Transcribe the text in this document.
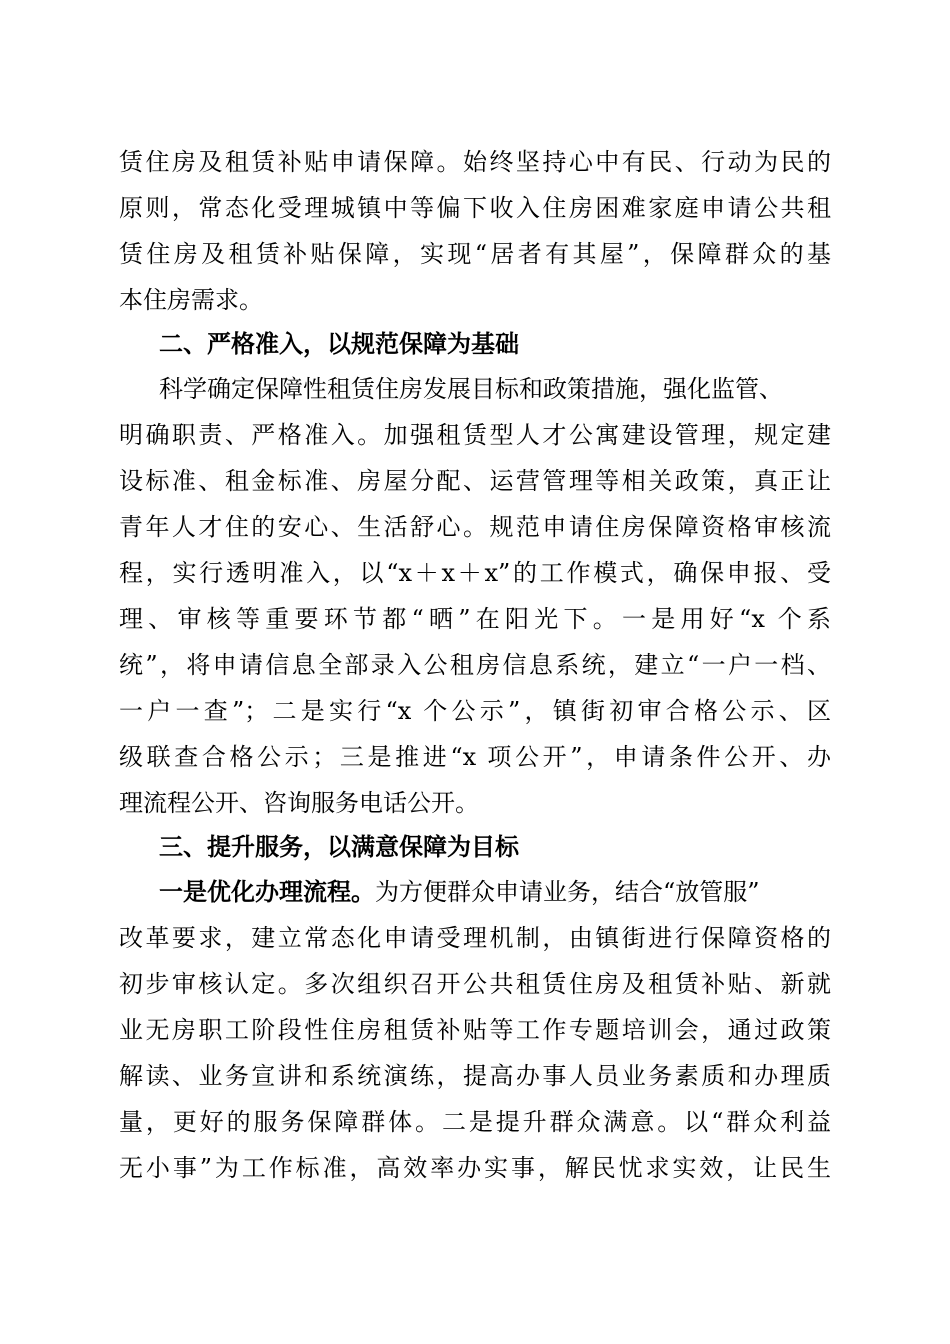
赁住房及租赁补贴申请保障。始终坚持心中有民、行动为民的
原则，常态化受理城镇中等偏下收入住房困难家庭申请公共租
赁住房及租赁补贴保障，实现“居者有其屋”，保障群众的基
本住房需求。
二、严格准入，以规范保障为基础
科学确定保障性租赁住房发展目标和政策措施，强化监管、
明确职责、严格准入。加强租赁型人才公寓建设管理，规定建
设标准、租金标准、房屋分配、运营管理等相关政策，真正让
青年人才住的安心、生活舒心。规范申请住房保障资格审核流
程，实行透明准入，以“x＋x＋x”的工作模式，确保申报、受
理、审核等重要环节都“晒”在阳光下。一是用好“x 个系
统”，将申请信息全部录入公租房信息系统，建立“一户一档、
一户一查”；二是实行“x 个公示”，镇街初审合格公示、区
级联查合格公示；三是推进“x 项公开”，申请条件公开、办
理流程公开、咨询服务电话公开。
三、提升服务，以满意保障为目标
一是优化办理流程。为方便群众申请业务，结合“放管服”
改革要求，建立常态化申请受理机制，由镇街进行保障资格的
初步审核认定。多次组织召开公共租赁住房及租赁补贴、新就
业无房职工阶段性住房租赁补贴等工作专题培训会，通过政策
解读、业务宣讲和系统演练，提高办事人员业务素质和办理质
量，更好的服务保障群体。二是提升群众满意。以“群众利益
无小事”为工作标准，高效率办实事，解民忧求实效，让民生
